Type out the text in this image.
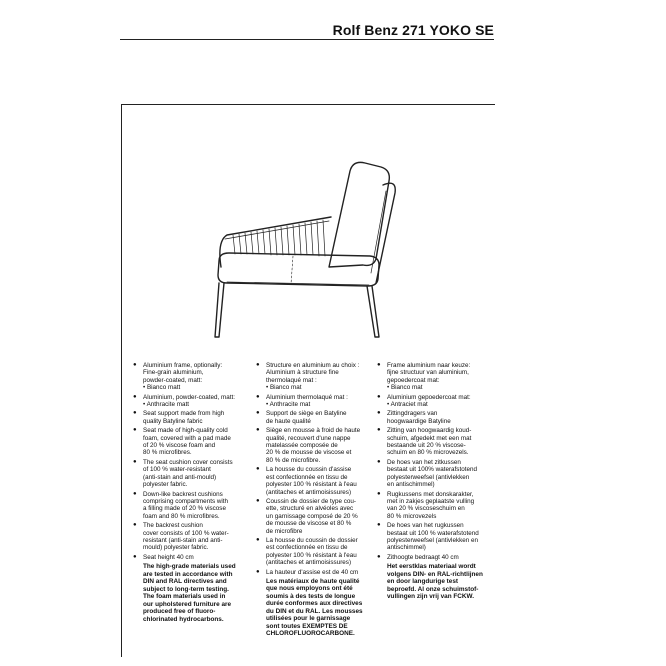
Rolf Benz 271 YOKO SE
● Aluminium frame, optionally:
Fine-grain aluminium,
powder-coated, matt:
• Bianco matt
● Aluminium, powder-coated, matt:
• Anthracite matt
● Seat support made from high
quality Batyline fabric
● Seat made of high-quality cold
foam, covered with a pad made
of 20 % viscose foam and
80 % microfibres.
● The seat cushion cover consists
of 100 % water-resistant
(anti-stain and anti-mould)
polyester fabric.
● Down-like backrest cushions
comprising compartments with
a filling made of 20 % viscose
foam and 80 % microfibres.
● The backrest cushion
cover consists of 100 % water-
resistant (anti-stain and anti-
mould) polyester fabric.
● Seat height 40 cm

The high-grade materials used
are tested in accordance with
DIN and RAL directives and
subject to long-term testing.
The foam materials used in
our upholstered furniture are
produced free of fluoro-
chlorinated hydrocarbons.

● Structure en aluminium au choix :
Aluminium à structure fine
thermolaqué mat :
• Bianco mat
● Aluminium thermolaqué mat :
• Anthracite mat
● Support de siège en Batyline
de haute qualité
● Siège en mousse à froid de haute
qualité, recouvert d'une nappe
matelassée composée de
20 % de mousse de viscose et
80 % de microfibre.
● La housse du coussin d'assise
est confectionnée en tissu de
polyester 100 % résistant à l'eau
(antitaches et antimoisissures)
● Coussin de dossier de type cou-
ette, structuré en alvéoles avec
un garnissage composé de 20 %
de mousse de viscose et 80 %
de microfibre
● La housse du coussin de dossier
est confectionnée en tissu de
polyester 100 % résistant à l'eau
(antitaches et antimoisissures)
● La hauteur d'assise est de 40 cm

Les matériaux de haute qualité
que nous employons ont été
soumis à des tests de longue
durée conformes aux directives
du DIN et du RAL. Les mousses
utilisées pour le garnissage
sont toutes EXEMPTES DE
CHLOROFLUOROCARBONE.

● Frame aluminium naar keuze:
fijne structuur van aluminium,
gepoedercoat mat:
• Bianco mat
● Aluminium gepoedercoat mat:
• Antraciet mat
● Zittingdragers van
hoogwaardige Batyline
● Zitting van hoogwaardig koud-
schuim, afgedekt met een mat
bestaande uit 20 % viscose-
schuim en 80 % microvezels.
● De hoes van het zitkussen
bestaat uit 100% waterafstotend
polyesterweefsel (antivlekken
en antischimmel)
● Rugkussens met donskarakter,
met in zakjes geplaatste vulling
van 20 % viscoseschuim en
80 % microvezels
● De hoes van het rugkussen
bestaat uit 100 % waterafstotend
polyesterweefsel (antivlekken en
antischimmel)
● Zithoogte bedraagt 40 cm

Het eerstklas materiaal wordt
volgens DIN- en RAL-richtlijnen
en door langdurige test
beproefd. Al onze schuimstof-
vullingen zijn vrij van FCKW.
